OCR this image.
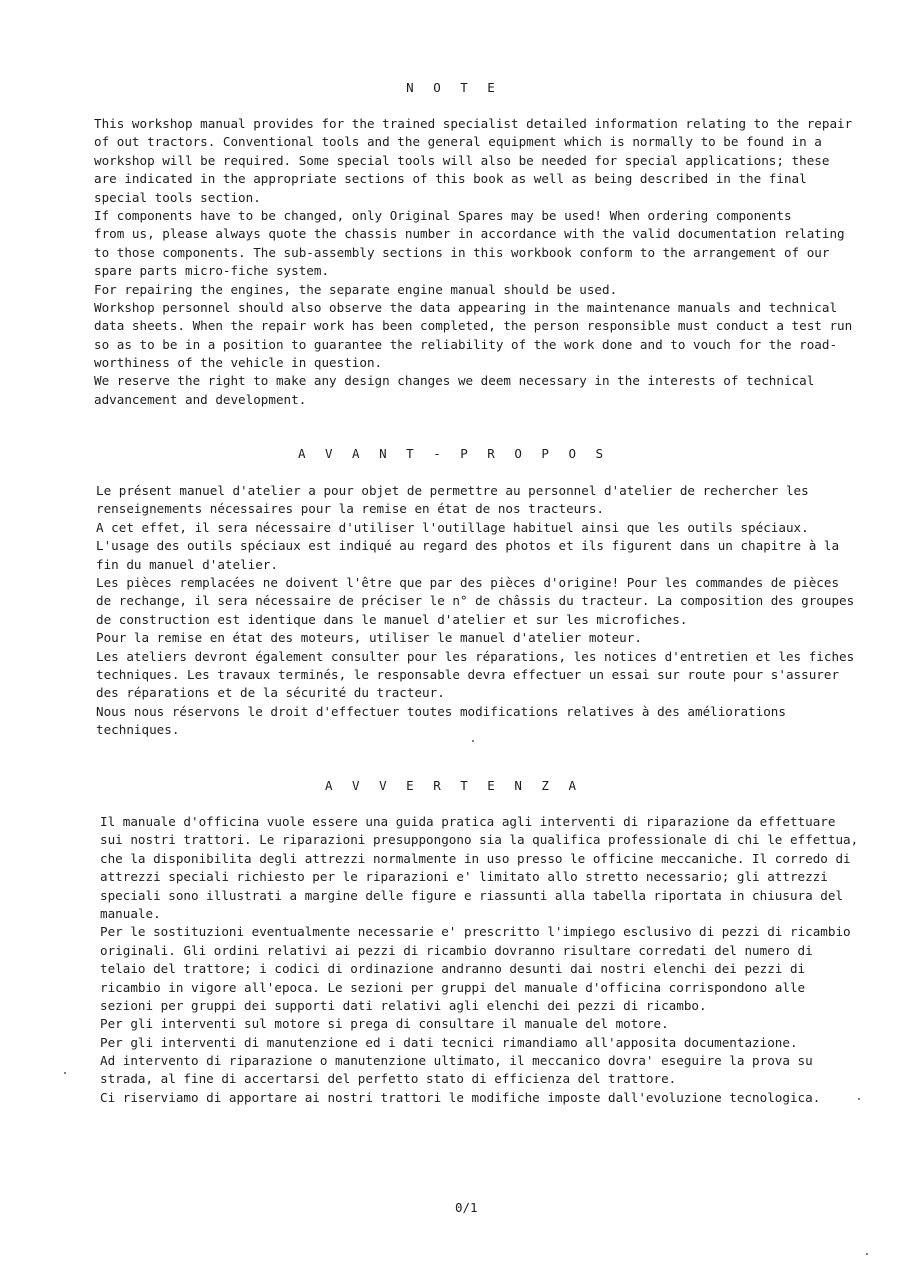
N O T E
This workshop manual provides for the trained specialist detailed information relating to the repair
of out tractors. Conventional tools and the general equipment which is normally to be found in a
workshop will be required. Some special tools will also be needed for special applications; these
are indicated in the appropriate sections of this book as well as being described in the final
special tools section.
If components have to be changed, only Original Spares may be used! When ordering components
from us, please always quote the chassis number in accordance with the valid documentation relating
to those components. The sub-assembly sections in this workbook conform to the arrangement of our
spare parts micro-fiche system.
For repairing the engines, the separate engine manual should be used.
Workshop personnel should also observe the data appearing in the maintenance manuals and technical
data sheets. When the repair work has been completed, the person responsible must conduct a test run
so as to be in a position to guarantee the reliability of the work done and to vouch for the road-
worthiness of the vehicle in question.
We reserve the right to make any design changes we deem necessary in the interests of technical
advancement and development.
A V A N T - P R O P O S
Le présent manuel d'atelier a pour objet de permettre au personnel d'atelier de rechercher les
renseignements nécessaires pour la remise en état de nos tracteurs.
A cet effet, il sera nécessaire d'utiliser l'outillage habituel ainsi que les outils spéciaux.
L'usage des outils spéciaux est indiqué au regard des photos et ils figurent dans un chapitre à la
fin du manuel d'atelier.
Les pièces remplacées ne doivent l'être que par des pièces d'origine! Pour les commandes de pièces
de rechange, il sera nécessaire de préciser le n° de châssis du tracteur. La composition des groupes
de construction est identique dans le manuel d'atelier et sur les microfiches.
Pour la remise en état des moteurs, utiliser le manuel d'atelier moteur.
Les ateliers devront également consulter pour les réparations, les notices d'entretien et les fiches
techniques. Les travaux terminés, le responsable devra effectuer un essai sur route pour s'assurer
des réparations et de la sécurité du tracteur.
Nous nous réservons le droit d'effectuer toutes modifications relatives à des améliorations
techniques.
A V V E R T E N Z A
Il manuale d'officina vuole essere una guida pratica agli interventi di riparazione da effettuare
sui nostri trattori. Le riparazioni presuppongono sia la qualifica professionale di chi le effettua,
che la disponibilita degli attrezzi normalmente in uso presso le officine meccaniche. Il corredo di
attrezzi speciali richiesto per le riparazioni e' limitato allo stretto necessario; gli attrezzi
speciali sono illustrati a margine delle figure e riassunti alla tabella riportata in chiusura del
manuale.
Per le sostituzioni eventualmente necessarie e' prescritto l'impiego esclusivo di pezzi di ricambio
originali. Gli ordini relativi ai pezzi di ricambio dovranno risultare corredati del numero di
telaio del trattore; i codici di ordinazione andranno desunti dai nostri elenchi dei pezzi di
ricambio in vigore all'epoca. Le sezioni per gruppi del manuale d'officina corrispondono alle
sezioni per gruppi dei supporti dati relativi agli elenchi dei pezzi di ricambo.
Per gli interventi sul motore si prega di consultare il manuale del motore.
Per gli interventi di manutenzione ed i dati tecnici rimandiamo all'apposita documentazione.
Ad intervento di riparazione o manutenzione ultimato, il meccanico dovra' eseguire la prova su
strada, al fine di accertarsi del perfetto stato di efficienza del trattore.
Ci riserviamo di apportare ai nostri trattori le modifiche imposte dall'evoluzione tecnologica.
0/1
